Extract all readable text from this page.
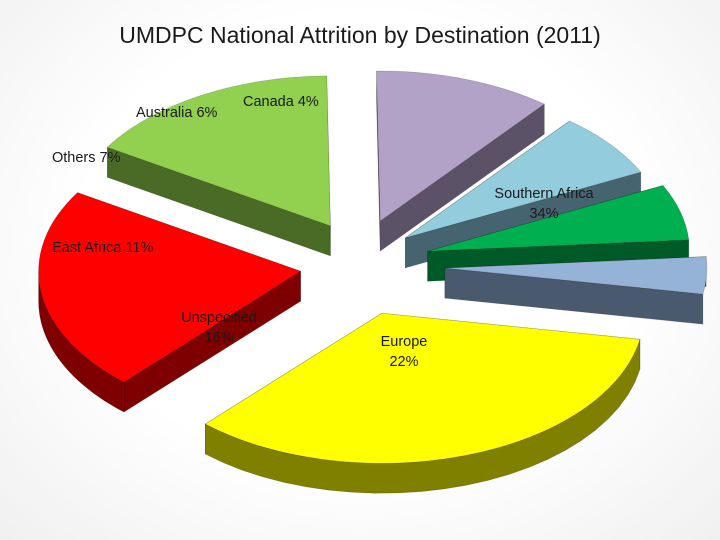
UMDPC National Attrition by Destination (2011)
Southern Africa 34%
Europe 22%
Unspecified 16%
East Africa 11%
Others 7%
Australia 6%
Canada 4%
